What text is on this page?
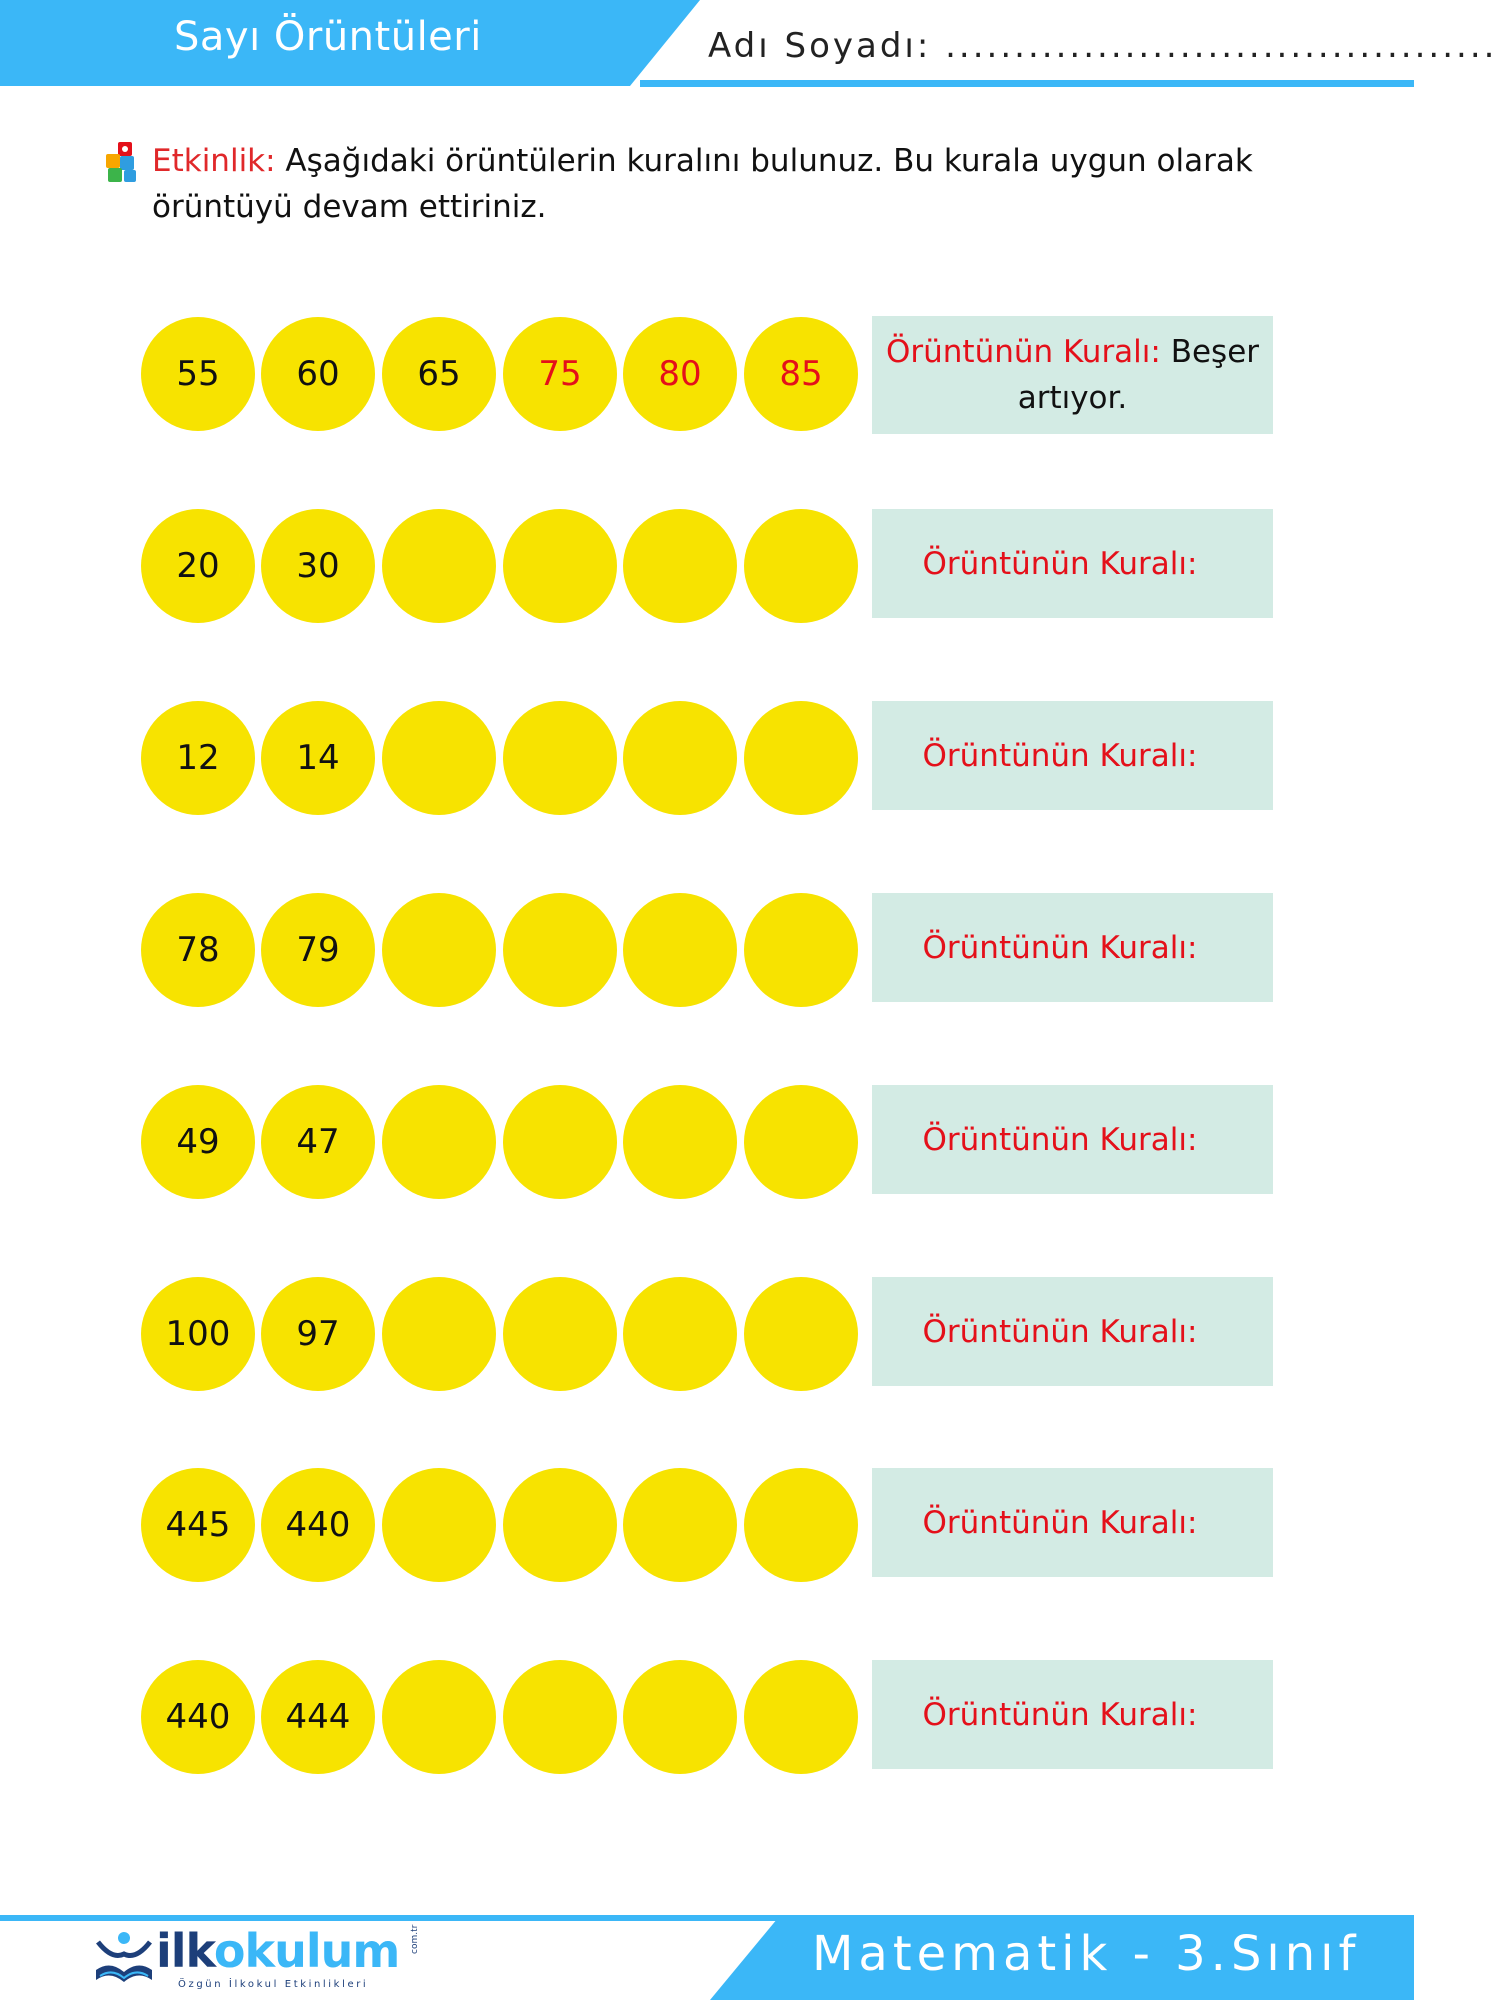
Sayı Örüntüleri	Adı Soyadı: ........................................
Etkinlik: Aşağıdaki örüntülerin kuralını bulunuz. Bu kurala uygun olarak örüntüyü devam ettiriniz.
55	60	65	75	80	85
Örüntünün Kuralı: Beşer artıyor.
20	30	Örüntünün Kuralı:
12	14	Örüntünün Kuralı:
78	79	Örüntünün Kuralı:
49	47	Örüntünün Kuralı:
100	97	Örüntünün Kuralı:
445	440	Örüntünün Kuralı:
440	444	Örüntünün Kuralı:
Matematik - 3.Sınıf
ilkokulum
Özgün İlkokul Etkinlikleri
com.tr
